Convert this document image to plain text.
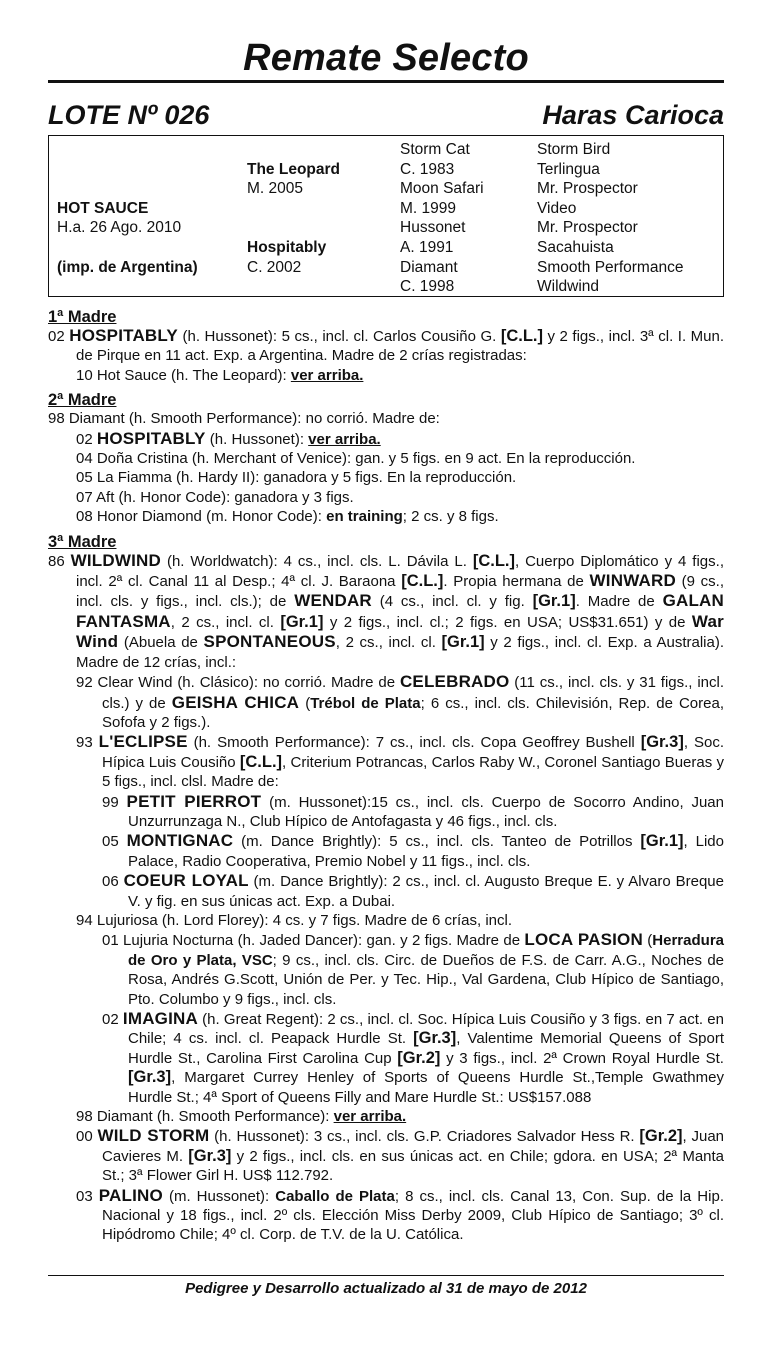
Remate Selecto
LOTE Nº 026	Haras Carioca

HOT SAUCE
H.a. 26 Ago. 2010

(imp. de Argentina)

The Leopard
M. 2005

Hospitably
C. 2002
Storm Cat
C. 1983
Moon Safari
M. 1999
Hussonet
A. 1991
Diamant
C. 1998
Storm Bird
Terlingua
Mr. Prospector
Video
Mr. Prospector
Sacahuista
Smooth Performance
Wildwind
1ª Madre
02 HOSPITABLY (h. Hussonet): 5 cs., incl. cl. Carlos Cousiño G. [C.L.] y 2 figs., incl. 3ª cl. I. Mun. de Pirque en 11 act. Exp. a Argentina. Madre de 2 crías registradas:
10 Hot Sauce (h. The Leopard): ver arriba.
2ª Madre
98 Diamant (h. Smooth Performance): no corrió. Madre de:
02 HOSPITABLY (h. Hussonet): ver arriba.
04 Doña Cristina (h. Merchant of Venice): gan. y 5 figs. en 9 act. En la reproducción.
05 La Fiamma (h. Hardy II): ganadora y 5 figs. En la reproducción.
07 Aft (h. Honor Code): ganadora y 3 figs.
08 Honor Diamond (m. Honor Code): en training; 2 cs. y 8 figs.
3ª Madre
86 WILDWIND (h. Worldwatch): 4 cs., incl. cls. L. Dávila L. [C.L.], Cuerpo Diplomático y 4 figs., incl. 2ª cl. Canal 11 al Desp.; 4ª cl. J. Baraona [C.L.]. Propia hermana de WINWARD (9 cs., incl. cls. y figs., incl. cls.); de WENDAR (4 cs., incl. cl. y fig. [Gr.1]. Madre de GALAN FANTASMA, 2 cs., incl. cl. [Gr.1] y 2 figs., incl. cl.; 2 figs. en USA; US$31.651) y de War Wind (Abuela de SPONTANEOUS, 2 cs., incl. cl. [Gr.1] y 2 figs., incl. cl. Exp. a Australia). Madre de 12 crías, incl.:
92 Clear Wind (h. Clásico): no corrió. Madre de CELEBRADO (11 cs., incl. cls. y 31 figs., incl. cls.) y de GEISHA CHICA (Trébol de Plata; 6 cs., incl. cls. Chilevisión, Rep. de Corea, Sofofa y 2 figs.).
93 L'ECLIPSE (h. Smooth Performance): 7 cs., incl. cls. Copa Geoffrey Bushell [Gr.3], Soc. Hípica Luis Cousiño [C.L.], Criterium Potrancas, Carlos Raby W., Coronel Santiago Bueras y 5 figs., incl. clsl. Madre de:
99 PETIT PIERROT (m. Hussonet):15 cs., incl. cls. Cuerpo de Socorro Andino, Juan Unzurrunzaga N., Club Hípico de Antofagasta y 46 figs., incl. cls.
05 MONTIGNAC (m. Dance Brightly): 5 cs., incl. cls. Tanteo de Potrillos [Gr.1], Lido Palace, Radio Cooperativa, Premio Nobel y 11 figs., incl. cls.
06 COEUR LOYAL (m. Dance Brightly): 2 cs., incl. cl. Augusto Breque E. y Alvaro Breque V. y fig. en sus únicas act. Exp. a Dubai.
94 Lujuriosa (h. Lord Florey): 4 cs. y 7 figs. Madre de 6 crías, incl.
01 Lujuria Nocturna (h. Jaded Dancer): gan. y 2 figs. Madre de LOCA PASION (Herradura de Oro y Plata, VSC; 9 cs., incl. cls. Circ. de Dueños de F.S. de Carr. A.G., Noches de Rosa, Andrés G.Scott, Unión de Per. y Tec. Hip., Val Gardena, Club Hípico de Santiago, Pto. Columbo y 9 figs., incl. cls.
02 IMAGINA (h. Great Regent): 2 cs., incl. cl. Soc. Hípica Luis Cousiño y 3 figs. en 7 act. en Chile; 4 cs. incl. cl. Peapack Hurdle St. [Gr.3], Valentime Memorial Queens of Sport Hurdle St., Carolina First Carolina Cup [Gr.2] y 3 figs., incl. 2ª Crown Royal Hurdle St. [Gr.3], Margaret Currey Henley of Sports of Queens Hurdle St.,Temple Gwathmey Hurdle St.; 4ª Sport of Queens Filly and Mare Hurdle St.: US$157.088
98 Diamant (h. Smooth Performance): ver arriba.
00 WILD STORM (h. Hussonet): 3 cs., incl. cls. G.P. Criadores Salvador Hess R. [Gr.2], Juan Cavieres M. [Gr.3] y 2 figs., incl. cls. en sus únicas act. en Chile; gdora. en USA; 2ª Manta St.; 3ª Flower Girl H. US$ 112.792.
03 PALINO (m. Hussonet): Caballo de Plata; 8 cs., incl. cls. Canal 13, Con. Sup. de la Hip. Nacional y 18 figs., incl. 2º cls. Elección Miss Derby 2009, Club Hípico de Santiago; 3º cl. Hipódromo Chile; 4º cl. Corp. de T.V. de la U. Católica.
Pedigree y Desarrollo actualizado al 31 de mayo de 2012
